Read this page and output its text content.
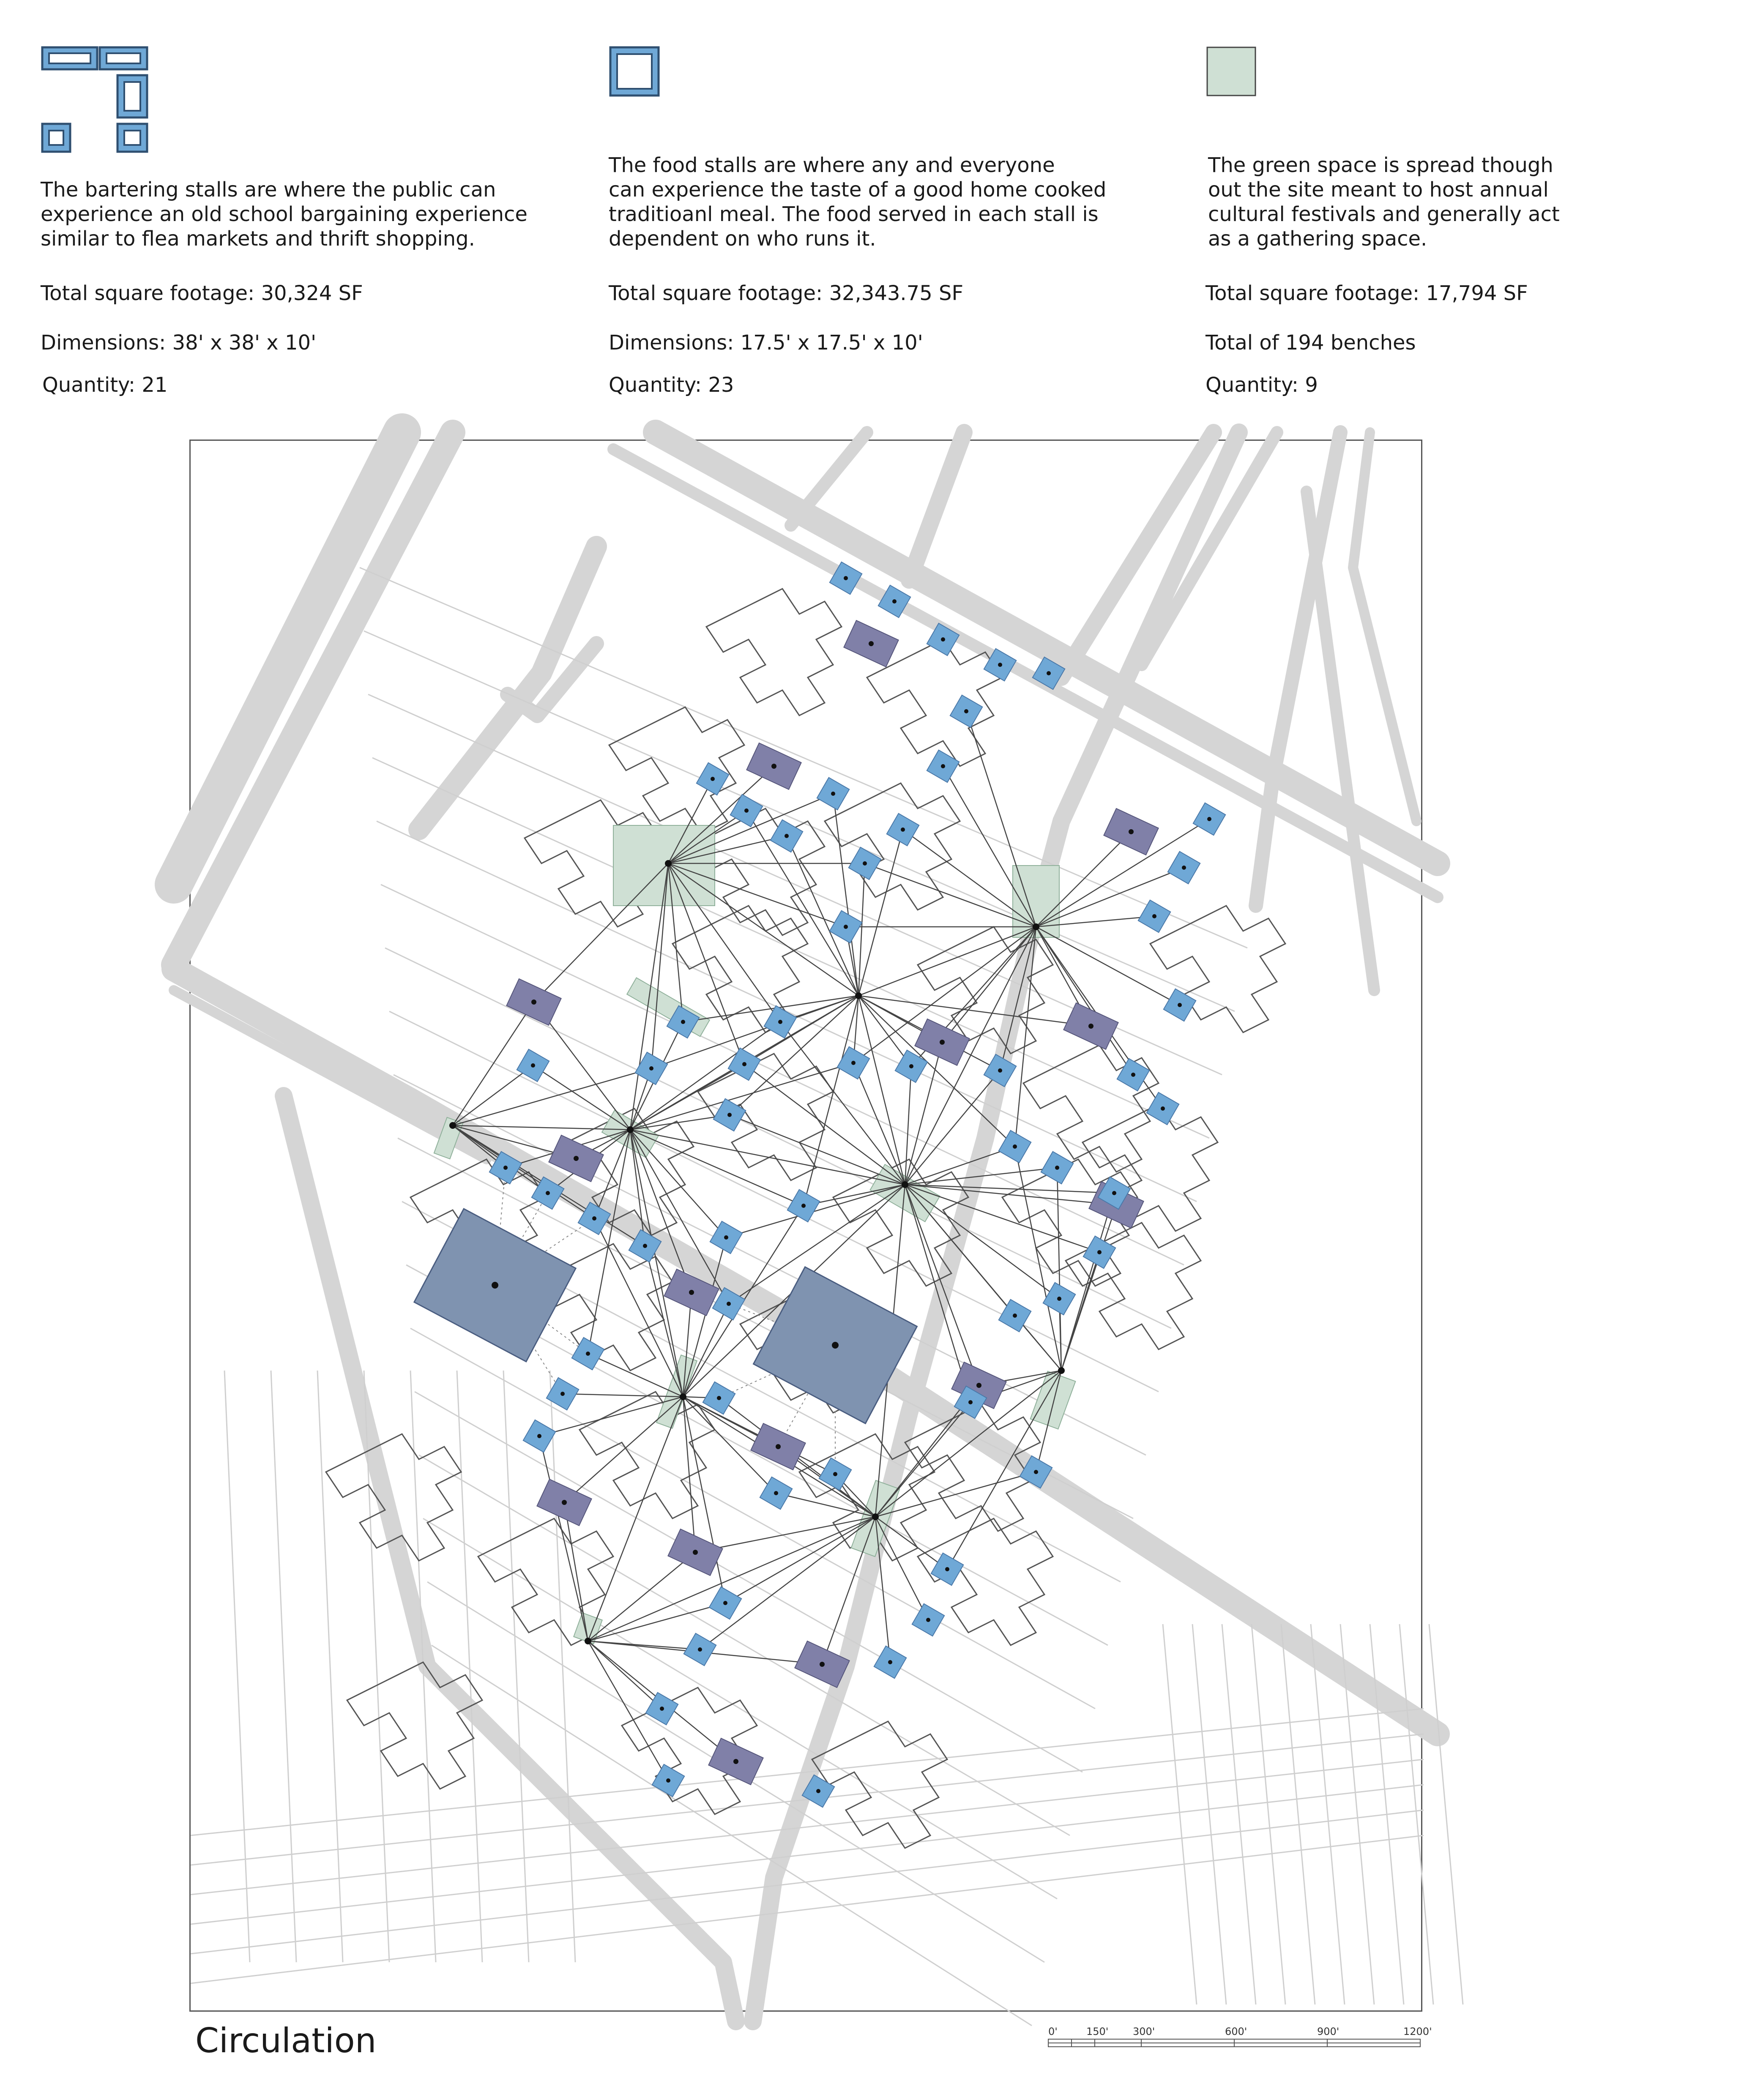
The bartering stalls are where the public can

experience an old school bargaining experience

similar to flea markets and thrift shopping.

Total square footage: 30,324 SF

Dimensions: 38' x 38' x 10'

Quantity: 21

The food stalls are where any and everyone

can experience the taste of a good home cooked

traditioanl meal. The food served in each stall is

dependent on who runs it.

Total square footage: 32,343.75 SF

Dimensions: 17.5' x 17.5' x 10'

Quantity: 23

The green space is spread though

out the site meant to host annual

cultural festivals and generally act

as a gathering space.

Total square footage: 17,794 SF

Total of 194 benches

Quantity: 9

Circulation	0'	150' 300'	600'	900'	1200'
